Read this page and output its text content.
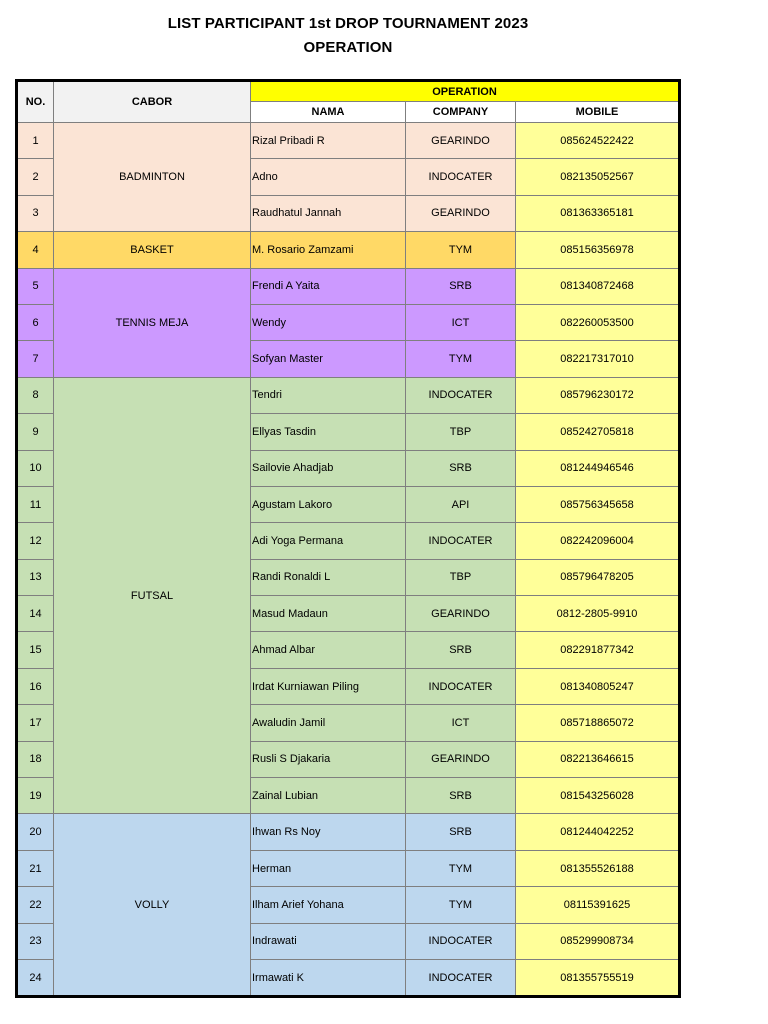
LIST PARTICIPANT 1st DROP TOURNAMENT 2023
OPERATION
NO.	CABOR	OPERATION		
		NAMA	COMPANY	MOBILE
1	BADMINTON	Rizal Pribadi R	GEARINDO	085624522422
2		Adno	INDOCATER	082135052567
3		Raudhatul Jannah	GEARINDO	081363365181
4	BASKET	M. Rosario Zamzami	TYM	085156356978
5	TENNIS MEJA	Frendi A Yaita	SRB	081340872468
6		Wendy	ICT	082260053500
7		Sofyan Master	TYM	082217317010
8	FUTSAL	Tendri	INDOCATER	085796230172
9		Ellyas Tasdin	TBP	085242705818
10		Sailovie Ahadjab	SRB	081244946546
11		Agustam Lakoro	API	085756345658
12		Adi Yoga Permana	INDOCATER	082242096004
13		Randi Ronaldi L	TBP	085796478205
14		Masud Madaun	GEARINDO	0812-2805-9910
15		Ahmad Albar	SRB	082291877342
16		Irdat Kurniawan Piling	INDOCATER	081340805247
17		Awaludin Jamil	ICT	085718865072
18		Rusli S Djakaria	GEARINDO	082213646615
19		Zainal Lubian	SRB	081543256028
20	VOLLY	Ihwan Rs Noy	SRB	081244042252
21		Herman	TYM	081355526188
22		Ilham Arief Yohana	TYM	08115391625
23		Indrawati	INDOCATER	085299908734
24		Irmawati K	INDOCATER	081355755519
